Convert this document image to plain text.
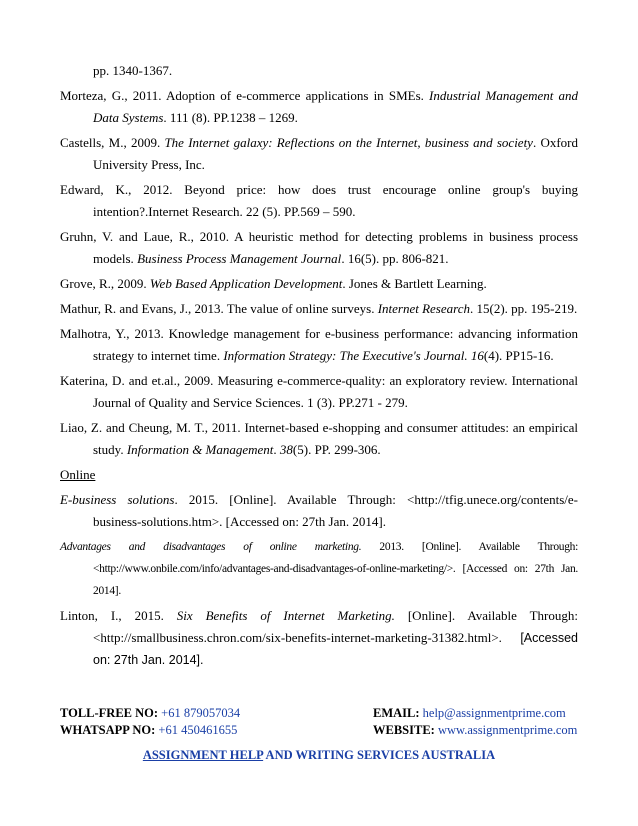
pp. 1340-1367.
Morteza, G., 2011. Adoption of e-commerce applications in SMEs. Industrial Management and Data Systems. 111 (8). PP.1238 – 1269.
Castells, M., 2009. The Internet galaxy: Reflections on the Internet, business and society. Oxford University Press, Inc.
Edward, K., 2012. Beyond price: how does trust encourage online group's buying intention?.Internet Research. 22 (5). PP.569 – 590.
Gruhn, V. and Laue, R., 2010. A heuristic method for detecting problems in business process models. Business Process Management Journal. 16(5). pp. 806-821.
Grove, R., 2009. Web Based Application Development. Jones & Bartlett Learning.
Mathur, R. and Evans, J., 2013. The value of online surveys. Internet Research. 15(2). pp. 195-219.
Malhotra, Y., 2013. Knowledge management for e-business performance: advancing information strategy to internet time. Information Strategy: The Executive's Journal. 16(4). PP15-16.
Katerina, D. and et.al., 2009. Measuring e-commerce-quality: an exploratory review. International Journal of Quality and Service Sciences. 1 (3). PP.271 - 279.
Liao, Z. and Cheung, M. T., 2011. Internet-based e-shopping and consumer attitudes: an empirical study. Information & Management. 38(5). PP. 299-306.
Online
E-business solutions. 2015. [Online]. Available Through: <http://tfig.unece.org/contents/e-business-solutions.htm>. [Accessed on: 27th Jan. 2014].
Advantages and disadvantages of online marketing. 2013. [Online]. Available Through: <http://www.onbile.com/info/advantages-and-disadvantages-of-online-marketing/>. [Accessed on: 27th Jan. 2014].
Linton, I., 2015. Six Benefits of Internet Marketing. [Online]. Available Through: <http://smallbusiness.chron.com/six-benefits-internet-marketing-31382.html>. [Accessed on: 27th Jan. 2014].
TOLL-FREE NO: +61 879057034	EMAIL: help@assignmentprime.com
WHATSAPP NO: +61 450461655	WEBSITE: www.assignmentprime.com
ASSIGNMENT HELP AND WRITING SERVICES AUSTRALIA
